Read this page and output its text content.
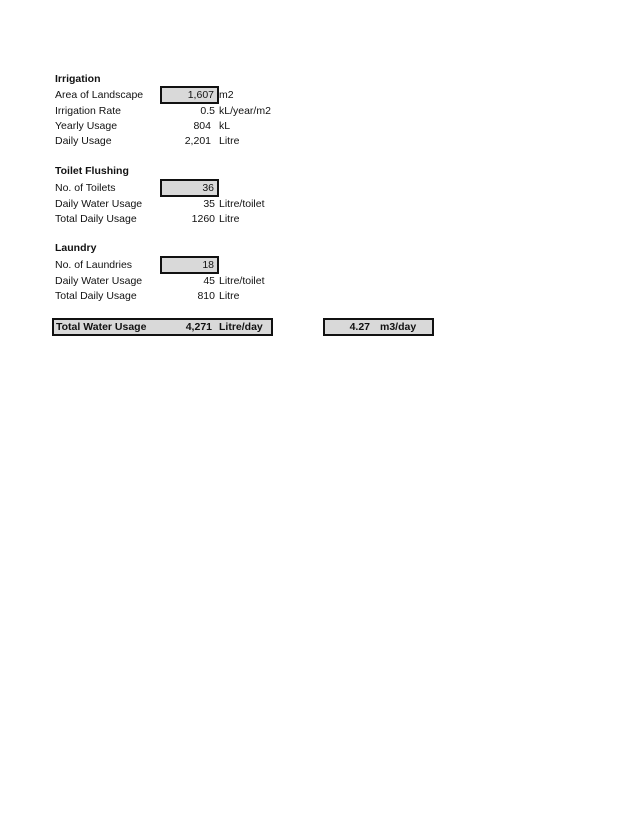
Irrigation
Area of Landscape	1,607 m2
Irrigation Rate	0.5 kL/year/m2
Yearly Usage	804 kL
Daily Usage	2,201 Litre
Toilet Flushing
No. of Toilets	36
Daily Water Usage	35 Litre/toilet
Total Daily Usage	1260 Litre
Laundry
No. of Laundries	18
Daily Water Usage	45 Litre/toilet
Total Daily Usage	810 Litre
Total Water Usage	4,271 Litre/day	4.27 m3/day
